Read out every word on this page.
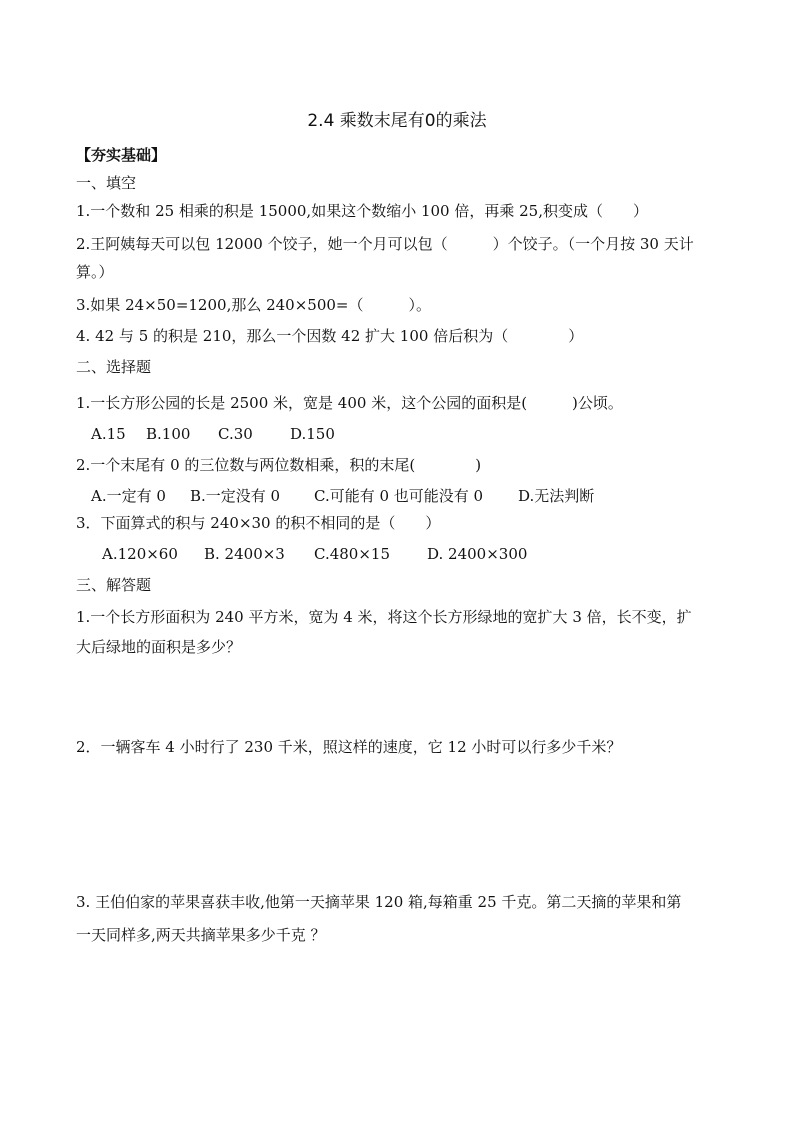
2.4 乘数末尾有0的乘法
【夯实基础】
一、填空
1.一个数和 25 相乘的积是 15000,如果这个数缩小 100 倍，再乘 25,积变成（　　）
2.王阿姨每天可以包 12000 个饺子，她一个月可以包（　　　）个饺子。（一个月按 30 天计
算。）
3.如果 24×50=1200,那么 240×500=（　　　）。
4. 42 与 5 的积是 210，那么一个因数 42 扩大 100 倍后积为（　　　　）
二、选择题
1.一长方形公园的长是 2500 米，宽是 400 米，这个公园的面积是(　　　)公顷。
A.15 B.100 C.30 D.150
2.一个末尾有 0 的三位数与两位数相乘，积的末尾(　　　　)
A.一定有 0 B.一定没有 0 C.可能有 0 也可能没有 0 D.无法判断
3．下面算式的积与 240×30 的积不相同的是（　　）
A.120×60 B. 2400×3 C.480×15 D. 2400×300
三、解答题
1.一个长方形面积为 240 平方米，宽为 4 米，将这个长方形绿地的宽扩大 3 倍，长不变，扩
大后绿地的面积是多少？
2．一辆客车 4 小时行了 230 千米，照这样的速度，它 12 小时可以行多少千米？
3. 王伯伯家的苹果喜获丰收,他第一天摘苹果 120 箱,每箱重 25 千克。第二天摘的苹果和第
一天同样多,两天共摘苹果多少千克 ？
